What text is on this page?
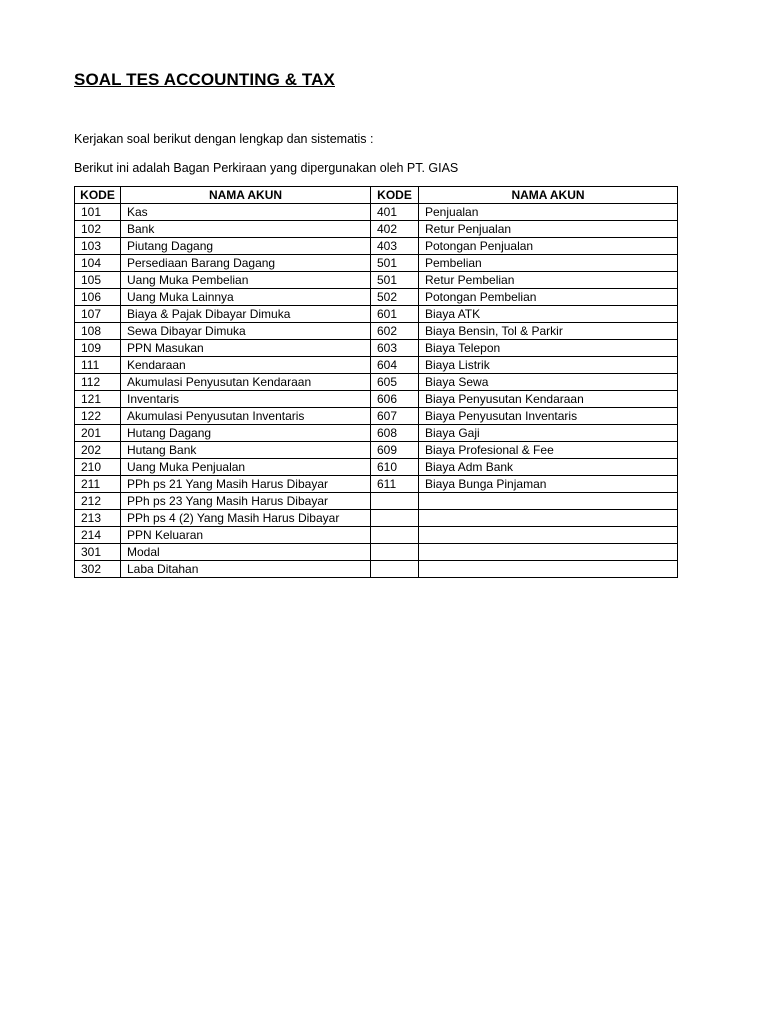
SOAL TES ACCOUNTING & TAX
Kerjakan soal berikut dengan lengkap dan sistematis :
Berikut ini adalah Bagan Perkiraan yang dipergunakan oleh PT. GIAS
KODE	NAMA AKUN	KODE	NAMA AKUN
101	Kas	401	Penjualan
102	Bank	402	Retur Penjualan
103	Piutang Dagang	403	Potongan Penjualan
104	Persediaan Barang Dagang	501	Pembelian
105	Uang Muka Pembelian	501	Retur Pembelian
106	Uang Muka Lainnya	502	Potongan Pembelian
107	Biaya & Pajak Dibayar Dimuka	601	Biaya ATK
108	Sewa Dibayar Dimuka	602	Biaya Bensin, Tol & Parkir
109	PPN Masukan	603	Biaya Telepon
111	Kendaraan	604	Biaya Listrik
112	Akumulasi Penyusutan Kendaraan	605	Biaya Sewa
121	Inventaris	606	Biaya Penyusutan Kendaraan
122	Akumulasi Penyusutan Inventaris	607	Biaya Penyusutan Inventaris
201	Hutang Dagang	608	Biaya Gaji
202	Hutang Bank	609	Biaya Profesional & Fee
210	Uang Muka Penjualan	610	Biaya Adm Bank
211	PPh ps 21 Yang Masih Harus Dibayar	611	Biaya Bunga Pinjaman
212	PPh ps 23 Yang Masih Harus Dibayar		
213	PPh ps 4 (2) Yang Masih Harus Dibayar		
214	PPN Keluaran		
301	Modal		
302	Laba Ditahan		
